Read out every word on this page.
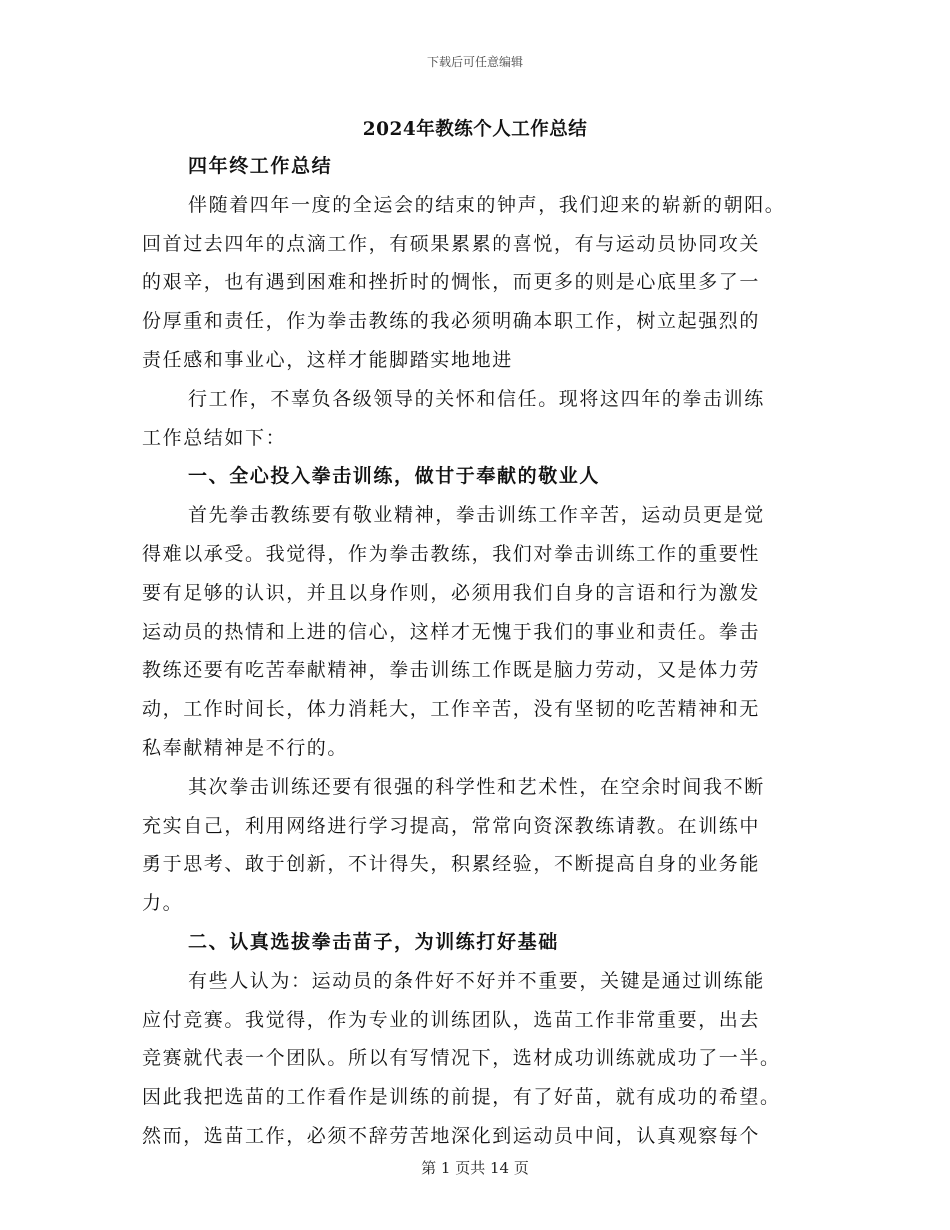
下载后可任意编辑
2024年教练个人工作总结
四年终工作总结
伴随着四年一度的全运会的结束的钟声，我们迎来的崭新的朝阳。
回首过去四年的点滴工作，有硕果累累的喜悦，有与运动员协同攻关
的艰辛，也有遇到困难和挫折时的惆怅，而更多的则是心底里多了一
份厚重和责任，作为拳击教练的我必须明确本职工作，树立起强烈的
责任感和事业心，这样才能脚踏实地地进
行工作，不辜负各级领导的关怀和信任。现将这四年的拳击训练
工作总结如下：
一、全心投入拳击训练，做甘于奉献的敬业人
首先拳击教练要有敬业精神，拳击训练工作辛苦，运动员更是觉
得难以承受。我觉得，作为拳击教练，我们对拳击训练工作的重要性
要有足够的认识，并且以身作则，必须用我们自身的言语和行为激发
运动员的热情和上进的信心，这样才无愧于我们的事业和责任。拳击
教练还要有吃苦奉献精神，拳击训练工作既是脑力劳动，又是体力劳
动，工作时间长，体力消耗大，工作辛苦，没有坚韧的吃苦精神和无
私奉献精神是不行的。
其次拳击训练还要有很强的科学性和艺术性，在空余时间我不断
充实自己，利用网络进行学习提高，常常向资深教练请教。在训练中
勇于思考、敢于创新，不计得失，积累经验，不断提高自身的业务能
力。
二、认真选拔拳击苗子，为训练打好基础
有些人认为：运动员的条件好不好并不重要，关键是通过训练能
应付竞赛。我觉得，作为专业的训练团队，选苗工作非常重要，出去
竞赛就代表一个团队。所以有写情况下，选材成功训练就成功了一半。
因此我把选苗的工作看作是训练的前提，有了好苗，就有成功的希望。
然而，选苗工作，必须不辞劳苦地深化到运动员中间，认真观察每个
第 1 页共 14 页
